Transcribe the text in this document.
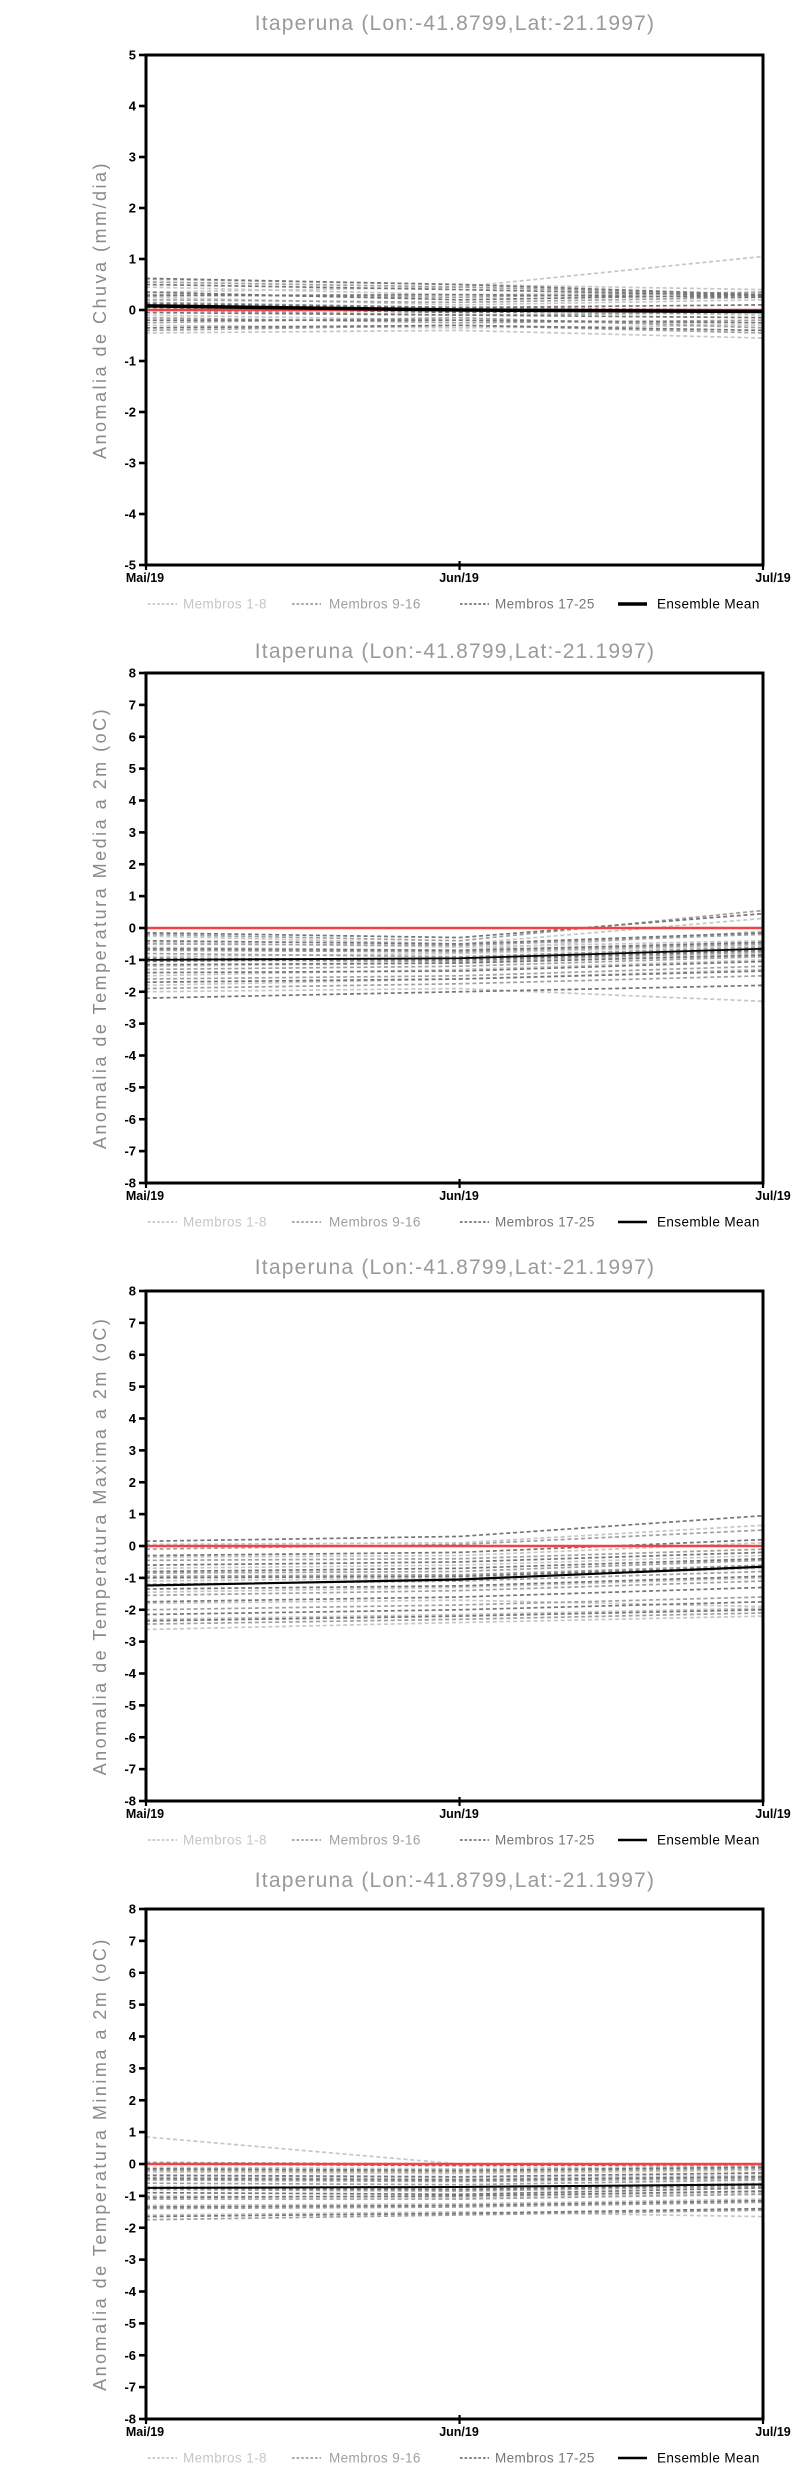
Itaperuna (Lon:-41.8799,Lat:-21.1997)
Anomalia de Chuva (mm/dia)
-5
-4
-3
-2
-1
0
1
2
3
4
5
Mai/19	Jun/19	Jul/19
Membros 1-8	Membros 9-16	Membros 17-25	Ensemble Mean
Itaperuna (Lon:-41.8799,Lat:-21.1997)
Anomalia de Temperatura Media a 2m (oC)
-8
-7
-6
-5
-4
-3
-2
-1
0
1
2
3
4
5
6
7
8
Mai/19	Jun/19	Jul/19
Membros 1-8	Membros 9-16	Membros 17-25	Ensemble Mean
Itaperuna (Lon:-41.8799,Lat:-21.1997)
Anomalia de Temperatura Maxima a 2m (oC)
-8
-7
-6
-5
-4
-3
-2
-1
0
1
2
3
4
5
6
7
8
Mai/19	Jun/19	Jul/19
Membros 1-8	Membros 9-16	Membros 17-25	Ensemble Mean
Itaperuna (Lon:-41.8799,Lat:-21.1997)
Anomalia de Temperatura Minima a 2m (oC)
-8
-7
-6
-5
-4
-3
-2
-1
0
1
2
3
4
5
6
7
8
Mai/19	Jun/19	Jul/19
Membros 1-8	Membros 9-16	Membros 17-25	Ensemble Mean
